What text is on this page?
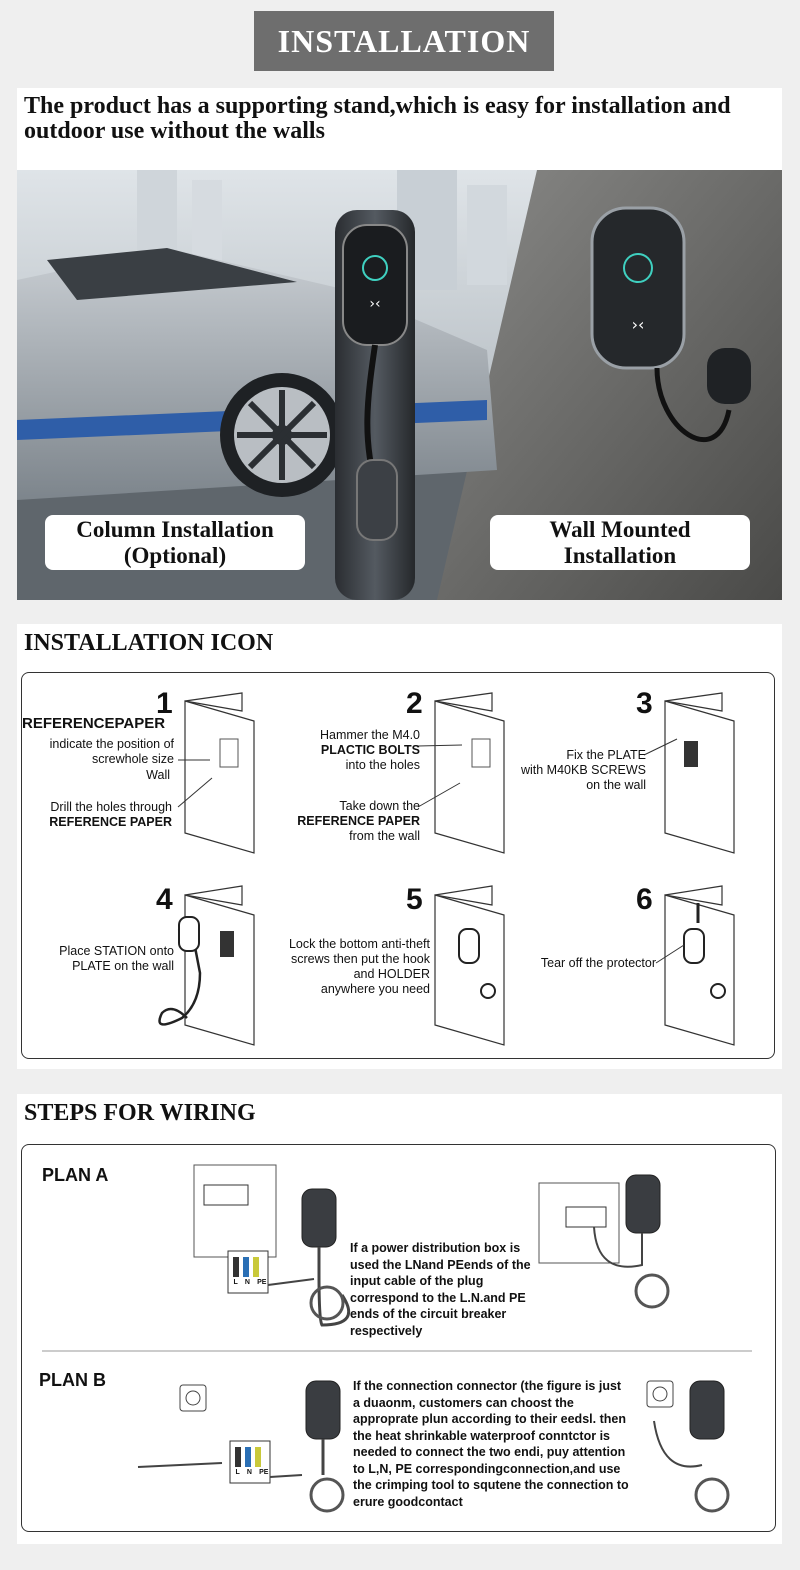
INSTALLATION
The product has a supporting stand,which is easy for installation and outdoor use without the walls
›‹
›‹
Column Installation (Optional)
Wall Mounted Installation
INSTALLATION ICON
1
REFERENCEPAPER
indicate the position of
screwhole size
Wall
Drill the holes through
REFERENCE PAPER
2
Hammer the M4.0
PLACTIC BOLTS
into the holes
Take down the
REFERENCE PAPER
from the wall
3
Fix the PLATE
with M40KB SCREWS
on the wall
4
Place STATION onto
PLATE on the wall
5
Lock the bottom anti-theft
screws then put the hook
and HOLDER
anywhere you need
6
Tear off the protector
STEPS FOR WIRING
PLAN A
L N PE
If a power distribution box is
used the LNand PEends of the
input cable of the plug
correspond to the L.N.and PE
ends of the circuit breaker
respectively
PLAN B
L N PE
If the connection connector (the figure is just
a duaonm, customers can choost the
approprate plun according to their eedsl. then
the heat shrinkable waterproof conntctor is
needed to connect the two endi, puy attention
to L,N, PE correspondingconnection,and use
the crimping tool to squtene the connection to
erure goodcontact
